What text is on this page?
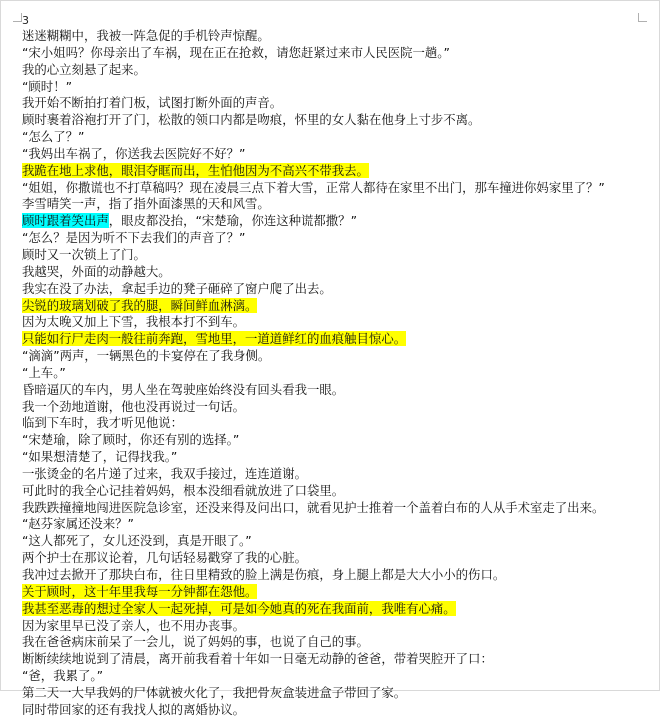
3
迷迷糊糊中，我被一阵急促的手机铃声惊醒。
“宋小姐吗？你母亲出了车祸，现在正在抢救，请您赶紧过来市人民医院一趟。”
我的心立刻悬了起来。
“顾时！”
我开始不断拍打着门板，试图打断外面的声音。
顾时裹着浴袍打开了门，松散的领口内都是吻痕，怀里的女人黏在他身上寸步不离。
“怎么了？”
“我妈出车祸了，你送我去医院好不好？”
我跪在地上求他，眼泪夺眶而出，生怕他因为不高兴不带我去。
“姐姐，你撒谎也不打草稿吗？现在凌晨三点下着大雪，正常人都待在家里不出门，那车撞进你妈家里了？”
李雪晴笑一声，指了指外面漆黑的天和风雪。
顾时跟着笑出声，眼皮都没抬，“宋楚瑜，你连这种谎都撒？”
“怎么？是因为听不下去我们的声音了？”
顾时又一次锁上了门。
我越哭，外面的动静越大。
我实在没了办法，拿起手边的凳子砸碎了窗户爬了出去。
尖锐的玻璃划破了我的腿，瞬间鲜血淋漓。
因为太晚又加上下雪，我根本打不到车。
只能如行尸走肉一般往前奔跑，雪地里，一道道鲜红的血痕触目惊心。
“滴滴”两声，一辆黑色的卡宴停在了我身侧。
“上车。”
昏暗逼仄的车内，男人坐在驾驶座始终没有回头看我一眼。
我一个劲地道谢，他也没再说过一句话。
临到下车时，我才听见他说：
“宋楚瑜，除了顾时，你还有别的选择。”
“如果想清楚了，记得找我。”
一张烫金的名片递了过来，我双手接过，连连道谢。
可此时的我全心记挂着妈妈，根本没细看就放进了口袋里。
我跌跌撞撞地闯进医院急诊室，还没来得及问出口，就看见护士推着一个盖着白布的人从手术室走了出来。
“赵芬家属还没来？”
“这人都死了，女儿还没到，真是开眼了。”
两个护士在那议论着，几句话轻易戳穿了我的心脏。
我冲过去掀开了那块白布，往日里精致的脸上满是伤痕，身上腿上都是大大小小的伤口。
关于顾时，这十年里我每一分钟都在怨他。
我甚至恶毒的想过全家人一起死掉，可是如今她真的死在我面前，我唯有心痛。
因为家里早已没了亲人，也不用办丧事。
我在爸爸病床前呆了一会儿，说了妈妈的事，也说了自己的事。
断断续续地说到了清晨，离开前我看着十年如一日毫无动静的爸爸，带着哭腔开了口：
“爸，我累了。”
第二天一大早我妈的尸体就被火化了，我把骨灰盒装进盒子带回了家。
同时带回家的还有我找人拟的离婚协议。
